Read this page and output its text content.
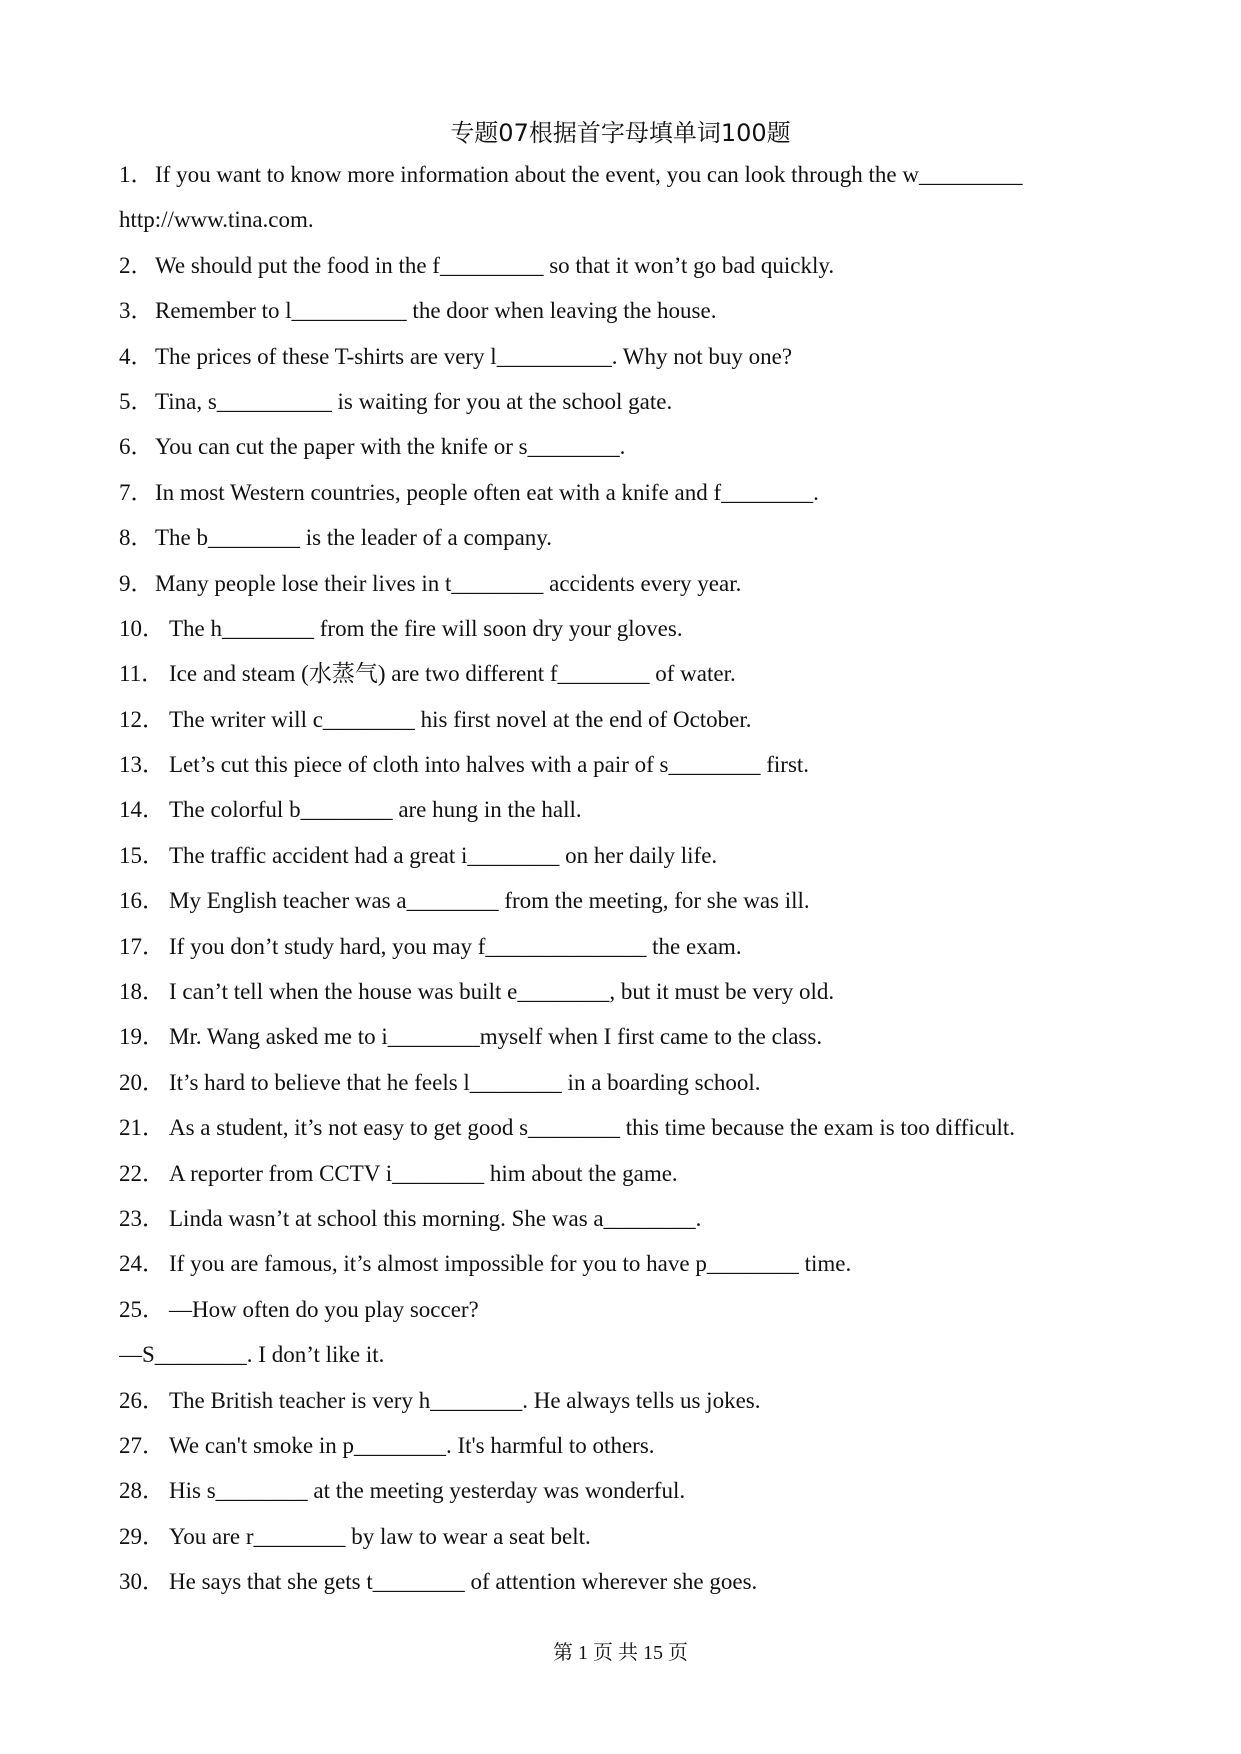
专题07根据首字母填单词100题
1．If you want to know more information about the event, you can look through the w_________
http://www.tina.com.
2．We should put the food in the f_________ so that it won’t go bad quickly.
3．Remember to l__________ the door when leaving the house.
4．The prices of these T-shirts are very l__________. Why not buy one?
5．Tina, s__________ is waiting for you at the school gate.
6．You can cut the paper with the knife or s________.
7．In most Western countries, people often eat with a knife and f________.
8．The b________ is the leader of a company.
9．Many people lose their lives in t________ accidents every year.
10． The h________ from the fire will soon dry your gloves.
11． Ice and steam (水蒸气) are two different f________ of water.
12． The writer will c________ his first novel at the end of October.
13． Let’s cut this piece of cloth into halves with a pair of s________ first.
14． The colorful b________ are hung in the hall.
15． The traffic accident had a great i________ on her daily life.
16． My English teacher was a________ from the meeting, for she was ill.
17． If you don’t study hard, you may f______________ the exam.
18． I can’t tell when the house was built e________, but it must be very old.
19． Mr. Wang asked me to i________myself when I first came to the class.
20． It’s hard to believe that he feels l________ in a boarding school.
21． As a student, it’s not easy to get good s________ this time because the exam is too difficult.
22． A reporter from CCTV i________ him about the game.
23． Linda wasn’t at school this morning. She was a________.
24． If you are famous, it’s almost impossible for you to have p________ time.
25． —How often do you play soccer?
—S________. I don’t like it.
26． The British teacher is very h________. He always tells us jokes.
27． We can't smoke in p________. It's harmful to others.
28． His s________ at the meeting yesterday was wonderful.
29． You are r________ by law to wear a seat belt.
30． He says that she gets t________ of attention wherever she goes.
第 1 页 共 15 页
